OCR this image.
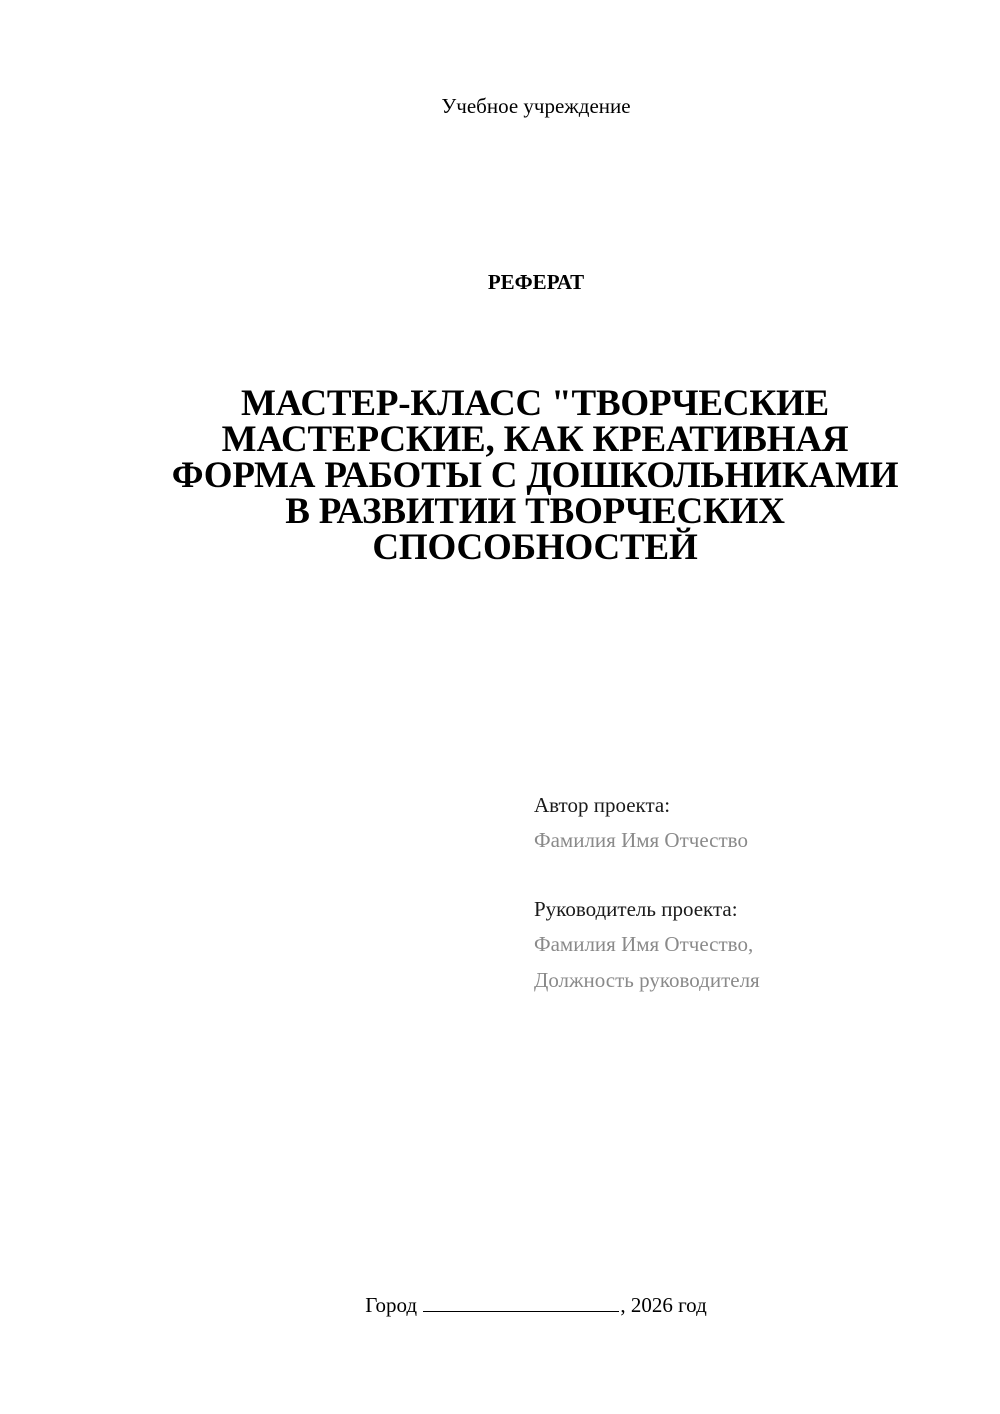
Учебное учреждение
РЕФЕРАТ
МАСТЕР-КЛАСС "ТВОРЧЕСКИЕ
МАСТЕРСКИЕ, КАК КРЕАТИВНАЯ
ФОРМА РАБОТЫ С ДОШКОЛЬНИКАМИ
В РАЗВИТИИ ТВОРЧЕСКИХ
СПОСОБНОСТЕЙ
Автор проекта:
Фамилия Имя Отчество
Руководитель проекта:
Фамилия Имя Отчество,
Должность руководителя
Город	, 2026 год
